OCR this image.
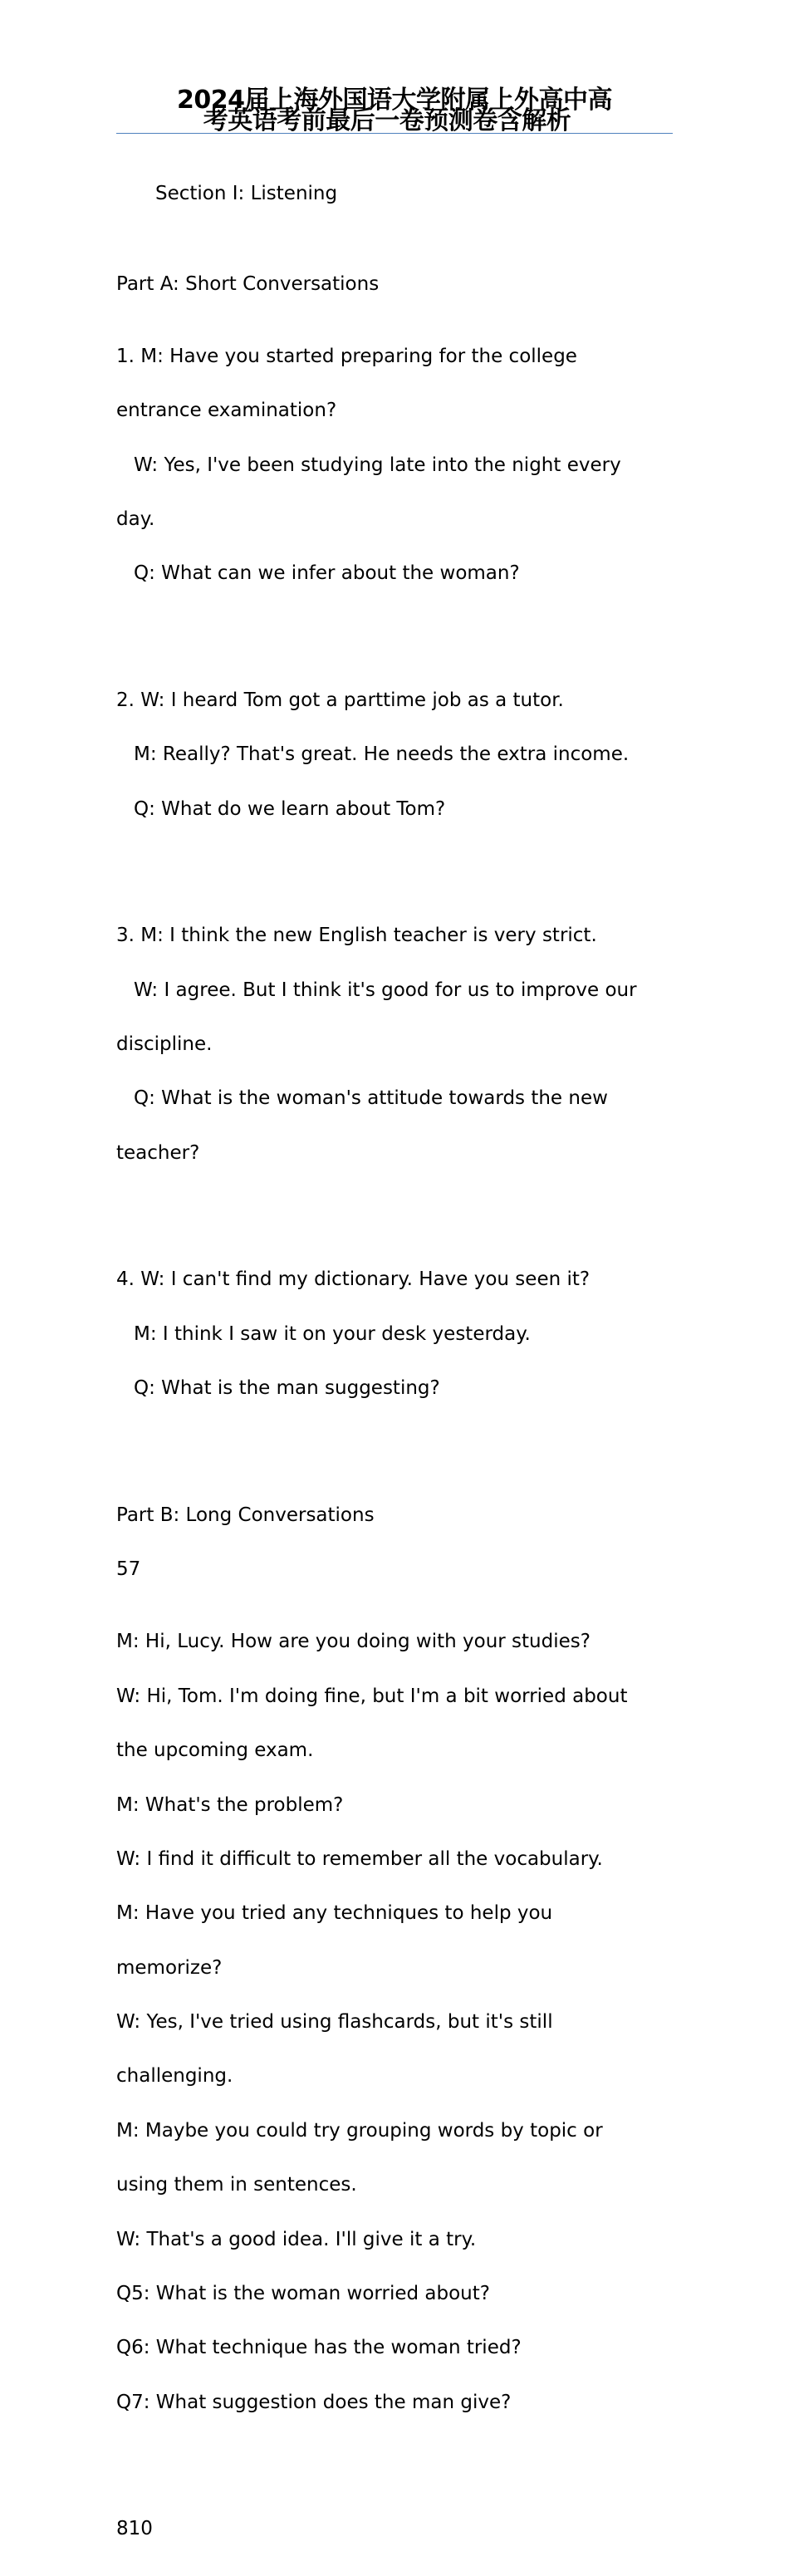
2024届上海外国语大学附属上外高中高
考英语考前最后一卷预测卷含解析

Section I: Listening

Part A: Short Conversations

1. M: Have you started preparing for the college

entrance examination?

W: Yes, I've been studying late into the night every

day.

Q: What can we infer about the woman?

2. W: I heard Tom got a parttime job as a tutor.

M: Really? That's great. He needs the extra income.

Q: What do we learn about Tom?

3. M: I think the new English teacher is very strict.

W: I agree. But I think it's good for us to improve our

discipline.

Q: What is the woman's attitude towards the new

teacher?

4. W: I can't find my dictionary. Have you seen it?

M: I think I saw it on your desk yesterday.

Q: What is the man suggesting?

Part B: Long Conversations

57

M: Hi, Lucy. How are you doing with your studies?

W: Hi, Tom. I'm doing fine, but I'm a bit worried about

the upcoming exam.

M: What's the problem?

W: I find it difficult to remember all the vocabulary.

M: Have you tried any techniques to help you

memorize?

W: Yes, I've tried using flashcards, but it's still

challenging.

M: Maybe you could try grouping words by topic or

using them in sentences.

W: That's a good idea. I'll give it a try.

Q5: What is the woman worried about?

Q6: What technique has the woman tried?

Q7: What suggestion does the man give?

810
